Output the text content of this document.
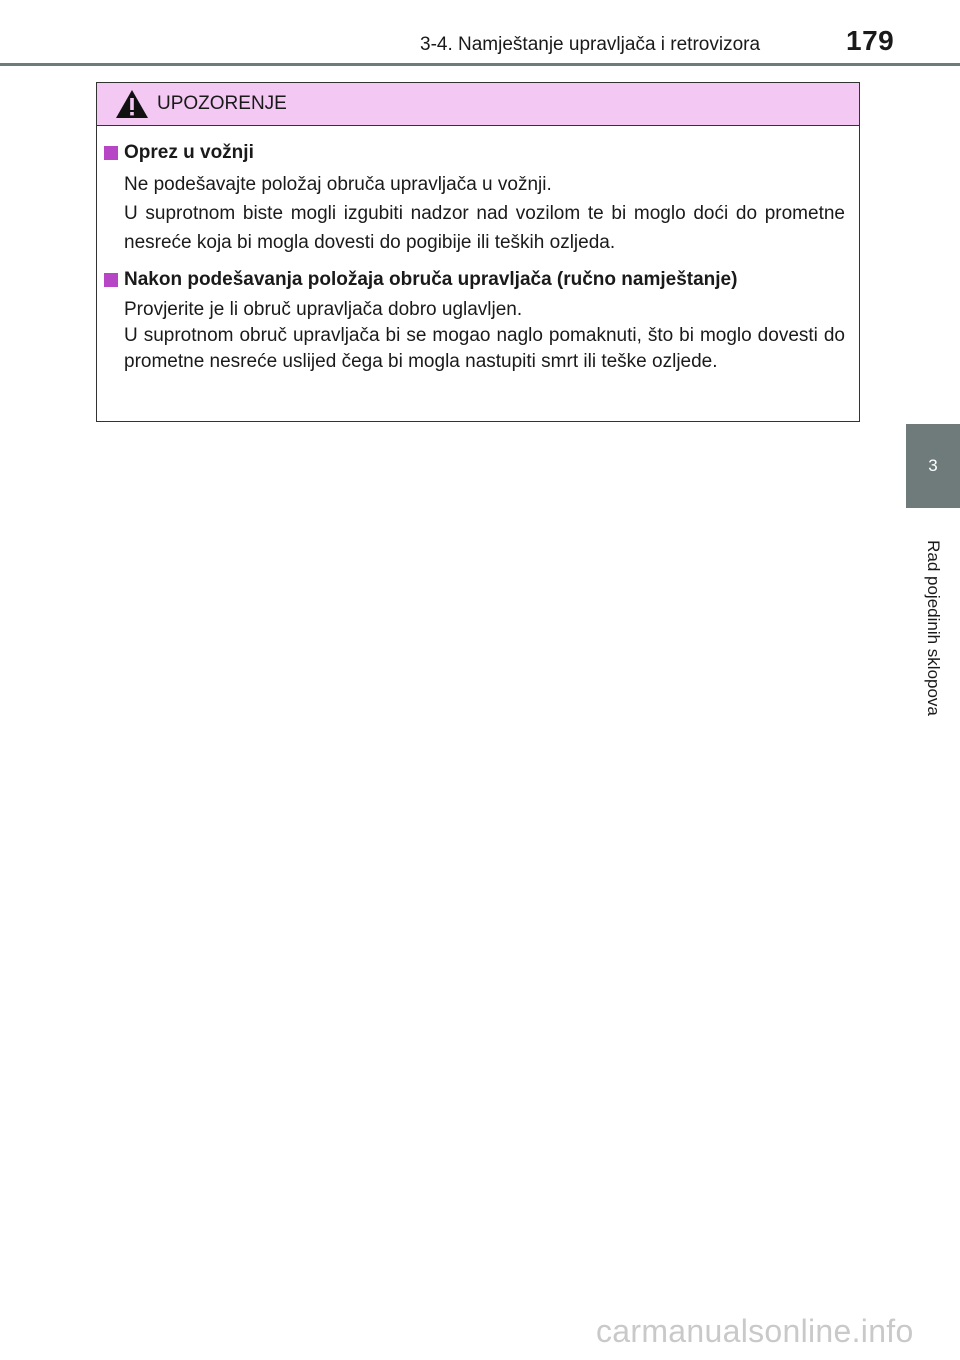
3-4. Namještanje upravljača i retrovizora	179
3
Rad pojedinih sklopova
UPOZORENJE
Oprez u vožnji
Ne podešavajte položaj obruča upravljača u vožnji.
U suprotnom biste mogli izgubiti nadzor nad vozilom te bi moglo doći do prometne nesreće koja bi mogla dovesti do pogibije ili teških ozljeda.
Nakon podešavanja položaja obruča upravljača (ručno namještanje)
Provjerite je li obruč upravljača dobro uglavljen.
U suprotnom obruč upravljača bi se mogao naglo pomaknuti, što bi moglo dovesti do prometne nesreće uslijed čega bi mogla nastupiti smrt ili teške ozljede.
carmanualsonline.info
